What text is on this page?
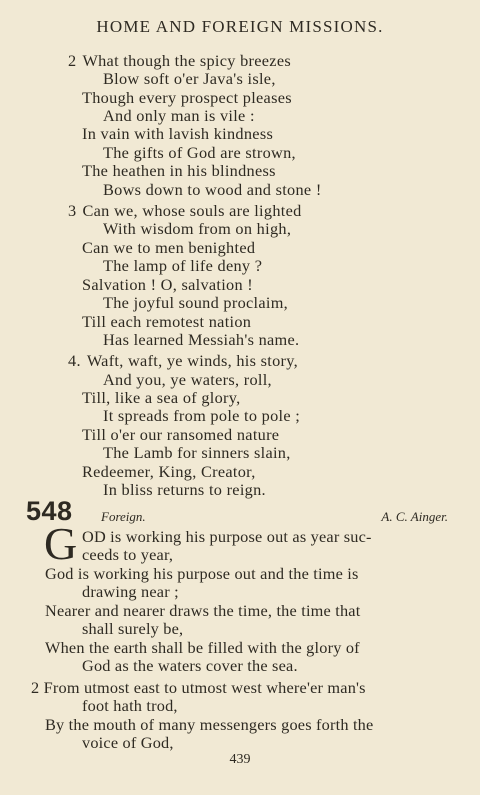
HOME AND FOREIGN MISSIONS.
2 What though the spicy breezes
Blow soft o'er Java's isle,
Though every prospect pleases
And only man is vile :
In vain with lavish kindness
The gifts of God are strown,
The heathen in his blindness
Bows down to wood and stone !
3 Can we, whose souls are lighted
With wisdom from on high,
Can we to men benighted
The lamp of life deny ?
Salvation ! O, salvation !
The joyful sound proclaim,
Till each remotest nation
Has learned Messiah's name.
4. Waft, waft, ye winds, his story,
And you, ye waters, roll,
Till, like a sea of glory,
It spreads from pole to pole ;
Till o'er our ransomed nature
The Lamb for sinners slain,
Redeemer, King, Creator,
In bliss returns to reign.
548 Foreign.	A. C. Ainger.
G OD is working his purpose out as year suc-
ceeds to year,
God is working his purpose out and the time is
drawing near ;
Nearer and nearer draws the time, the time that
shall surely be,
When the earth shall be filled with the glory of
God as the waters cover the sea.
2 From utmost east to utmost west where'er man's
foot hath trod,
By the mouth of many messengers goes forth the
voice of God,
439
